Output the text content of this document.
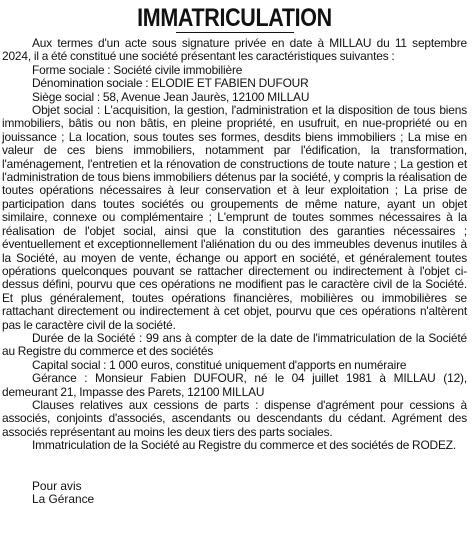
IMMATRICULATION

Aux termes d'un acte sous signature privée en date à MILLAU du 11 septembre 2024, il a été constitué une société présentant les caractéristiques suivantes :

Forme sociale : Société civile immobilière

Dénomination sociale : ELODIE ET FABIEN DUFOUR

Siège social : 58, Avenue Jean Jaurès, 12100 MILLAU

Objet social : L'acquisition, la gestion, l'administration et la disposition de tous biens immobiliers, bâtis ou non bâtis, en pleine propriété, en usufruit, en nue-propriété ou en jouissance ; La location, sous toutes ses formes, desdits biens immobiliers ; La mise en valeur de ces biens immobiliers, notamment par l'édification, la transformation, l'aménagement, l'entretien et la rénovation de constructions de toute nature ; La gestion et l'administration de tous biens immobiliers détenus par la société, y compris la réalisation de toutes opérations nécessaires à leur conservation et à leur exploitation ; La prise de participation dans toutes sociétés ou groupements de même nature, ayant un objet similaire, connexe ou complémentaire ; L'emprunt de toutes sommes nécessaires à la réalisation de l'objet social, ainsi que la constitution des garanties nécessaires ; éventuellement et exceptionnellement l'aliénation du ou des immeubles devenus inutiles à la Société, au moyen de vente, échange ou apport en société, et généralement toutes opérations quelconques pouvant se rattacher directement ou indirectement à l'objet ci-dessus défini, pourvu que ces opérations ne modifient pas le caractère civil de la Société. Et plus généralement, toutes opérations financières, mobilières ou immobilières se rattachant directement ou indirectement à cet objet, pourvu que ces opérations n'altèrent pas le caractère civil de la société.

Durée de la Société : 99 ans à compter de la date de l'immatriculation de la Société au Registre du commerce et des sociétés

Capital social : 1 000 euros, constitué uniquement d'apports en numéraire

Gérance : Monsieur Fabien DUFOUR, né le 04 juillet 1981 à MILLAU (12), demeurant 21, Impasse des Parets, 12100 MILLAU

Clauses relatives aux cessions de parts : dispense d'agrément pour cessions à associés, conjoints d'associés, ascendants ou descendants du cédant. Agrément des associés représentant au moins les deux tiers des parts sociales.

Immatriculation de la Société au Registre du commerce et des sociétés de RODEZ.

Pour avis

La Gérance
